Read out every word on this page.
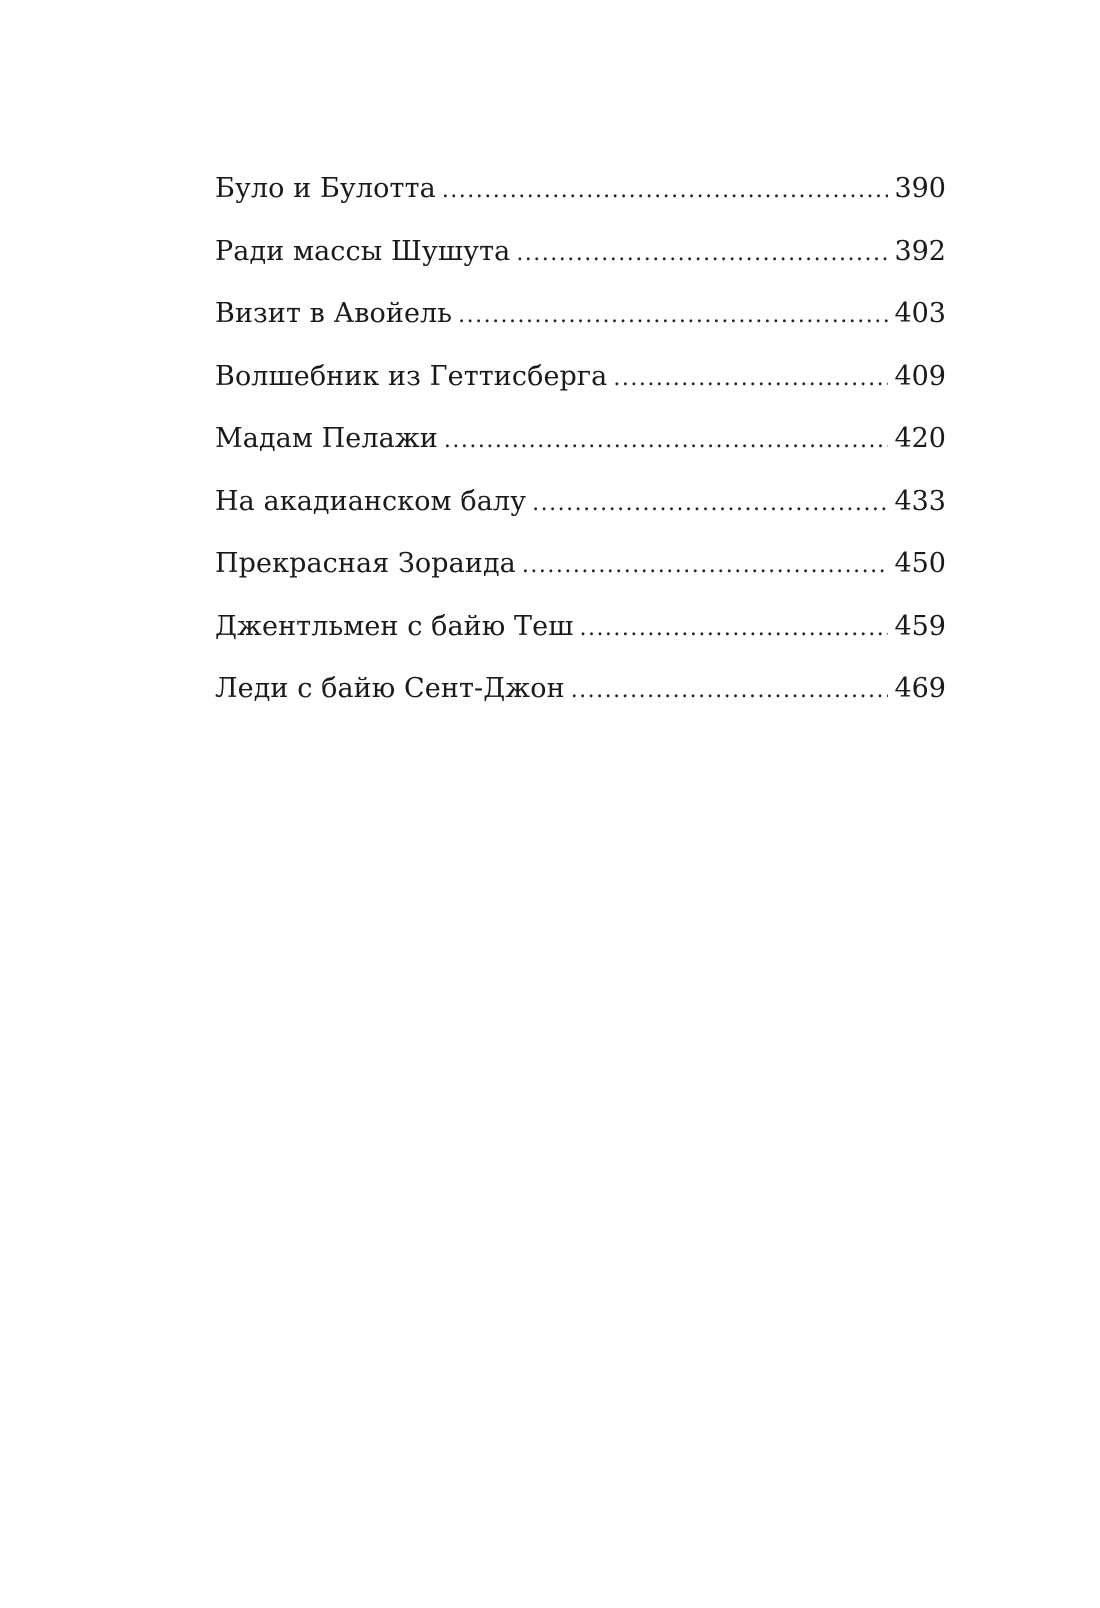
Було и Булотта .....	390
Ради массы Шушута .....	392
Визит в Авойель .....	403
Волшебник из Геттисберга .....	409
Мадам Пелажи .....	420
На акадианском балу .....	433
Прекрасная Зораида .....	450
Джентльмен с байю Теш .....	459
Леди с байю Сент-Джон .....	469
